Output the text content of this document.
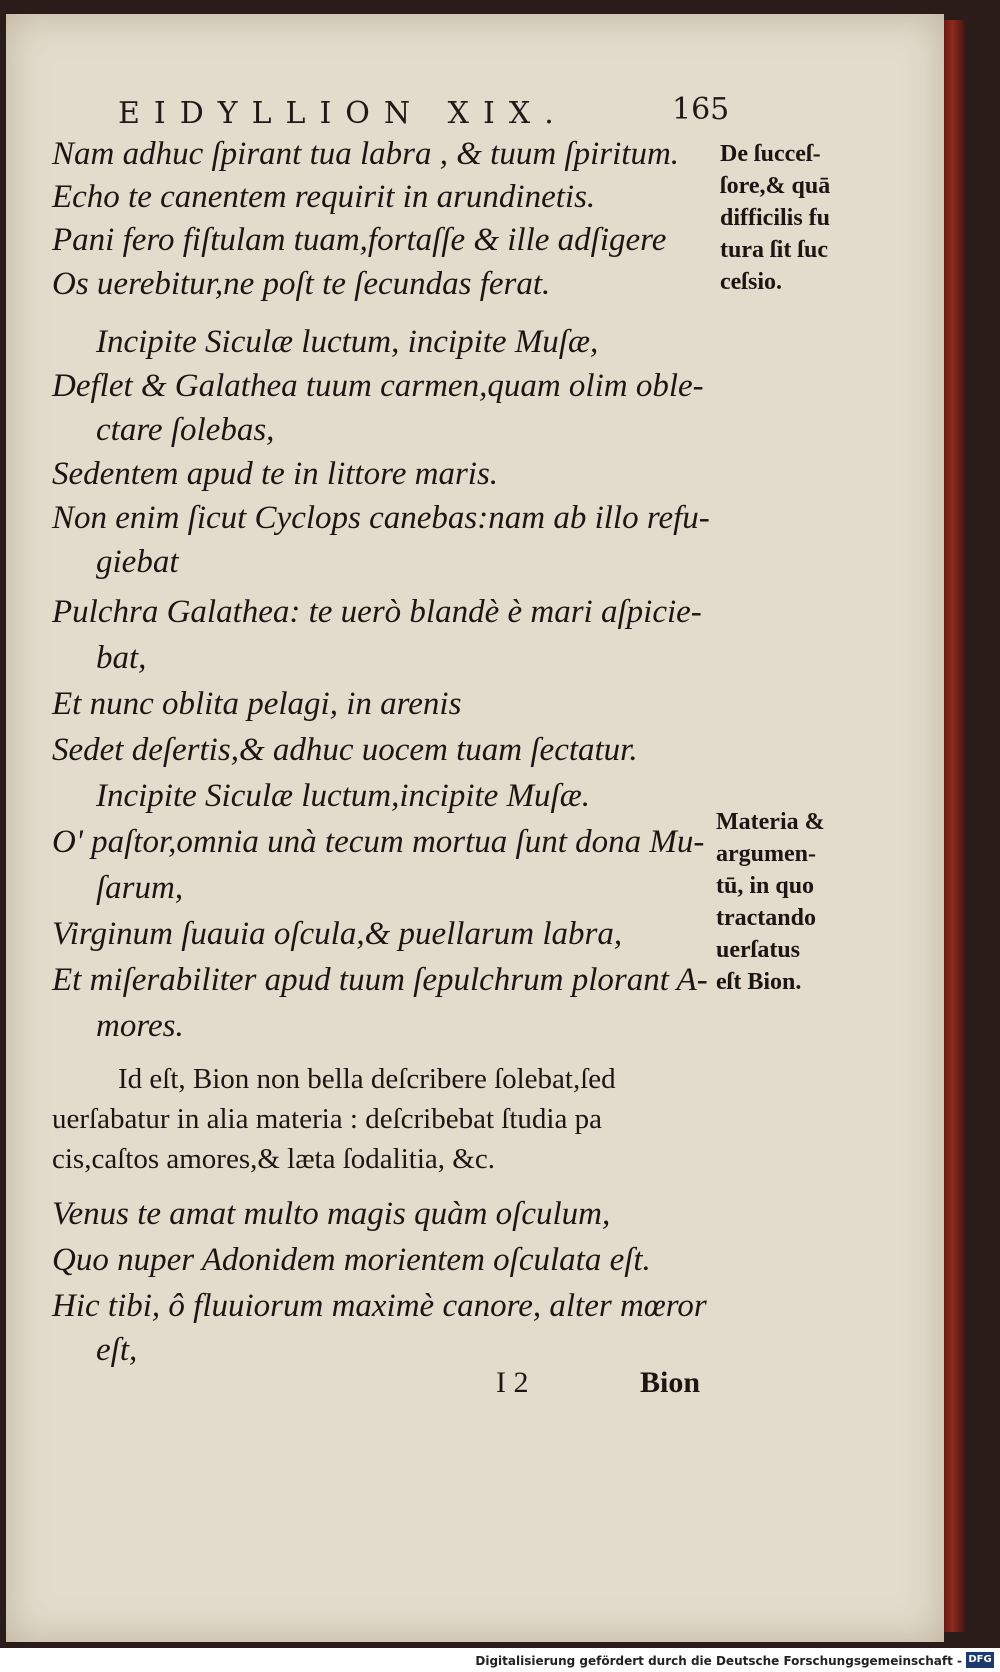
EIDYLLION XIX.	165
Nam adhuc ſpirant tua labra , & tuum ſpiritum.
Echo te canentem requirit in arundinetis.
Pani fero fiſtulam tuam,fortaſſe & ille adſigere
Os uerebitur,ne poſt te ſecundas ferat.
Incipite Siculæ luctum, incipite Muſæ,
Deflet & Galathea tuum carmen,quam olim oble-
ctare ſolebas,
Sedentem apud te in littore maris.
Non enim ſicut Cyclops canebas:nam ab illo refu-
giebat
Pulchra Galathea: te uerò blandè è mari aſpicie-
bat,
Et nunc oblita pelagi, in arenis
Sedet deſertis,& adhuc uocem tuam ſectatur.
Incipite Siculæ luctum,incipite Muſæ.
O' paſtor,omnia unà tecum mortua ſunt dona Mu-
ſarum,
Virginum ſuauia oſcula,& puellarum labra,
Et miſerabiliter apud tuum ſepulchrum plorant A-
mores.
Id eſt, Bion non bella deſcribere ſolebat,ſed
uerſabatur in alia materia : deſcribebat ſtudia pa
cis,caſtos amores,& læta ſodalitia, &c.
Venus te amat multo magis quàm oſculum,
Quo nuper Adonidem morientem oſculata eſt.
Hic tibi, ô fluuiorum maximè canore, alter mœror
eſt,
De ſucceſ-
ſore,& quā
difficilis fu
tura ſit ſuc
ceſsio.
Materia &
argumen-
tū, in quo
tractando
uerſatus
eſt Bion.
I 2	Bion
Digitalisierung gefördert durch die Deutsche Forschungsgemeinschaft - DFG
